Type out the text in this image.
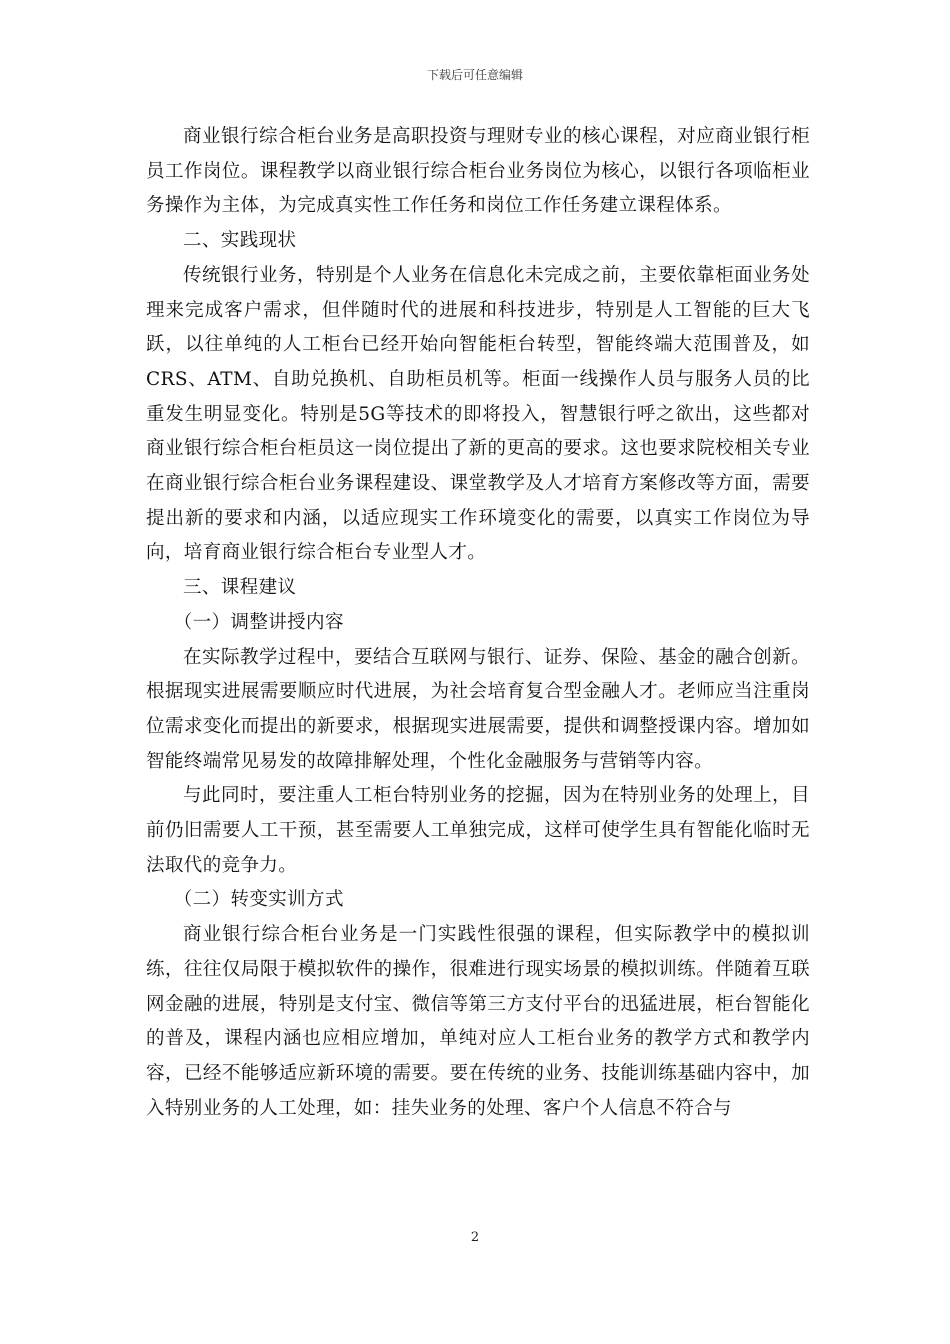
下载后可任意编辑

商业银行综合柜台业务是高职投资与理财专业的核心课程，对应商业银行柜员工作岗位。课程教学以商业银行综合柜台业务岗位为核心，以银行各项临柜业务操作为主体，为完成真实性工作任务和岗位工作任务建立课程体系。

二、实践现状

传统银行业务，特别是个人业务在信息化未完成之前，主要依靠柜面业务处理来完成客户需求，但伴随时代的进展和科技进步，特别是人工智能的巨大飞跃，以往单纯的人工柜台已经开始向智能柜台转型，智能终端大范围普及，如CRS、ATM、自助兑换机、自助柜员机等。柜面一线操作人员与服务人员的比重发生明显变化。特别是5G等技术的即将投入，智慧银行呼之欲出，这些都对商业银行综合柜台柜员这一岗位提出了新的更高的要求。这也要求院校相关专业在商业银行综合柜台业务课程建设、课堂教学及人才培育方案修改等方面，需要提出新的要求和内涵，以适应现实工作环境变化的需要，以真实工作岗位为导向，培育商业银行综合柜台专业型人才。

三、课程建议

（一）调整讲授内容

在实际教学过程中，要结合互联网与银行、证券、保险、基金的融合创新。根据现实进展需要顺应时代进展，为社会培育复合型金融人才。老师应当注重岗位需求变化而提出的新要求，根据现实进展需要，提供和调整授课内容。增加如智能终端常见易发的故障排解处理，个性化金融服务与营销等内容。

与此同时，要注重人工柜台特别业务的挖掘，因为在特别业务的处理上，目前仍旧需要人工干预，甚至需要人工单独完成，这样可使学生具有智能化临时无法取代的竞争力。

（二）转变实训方式

商业银行综合柜台业务是一门实践性很强的课程，但实际教学中的模拟训练，往往仅局限于模拟软件的操作，很难进行现实场景的模拟训练。伴随着互联网金融的进展，特别是支付宝、微信等第三方支付平台的迅猛进展，柜台智能化的普及，课程内涵也应相应增加，单纯对应人工柜台业务的教学方式和教学内容，已经不能够适应新环境的需要。要在传统的业务、技能训练基础内容中，加入特别业务的人工处理，如：挂失业务的处理、客户个人信息不符合与

2
